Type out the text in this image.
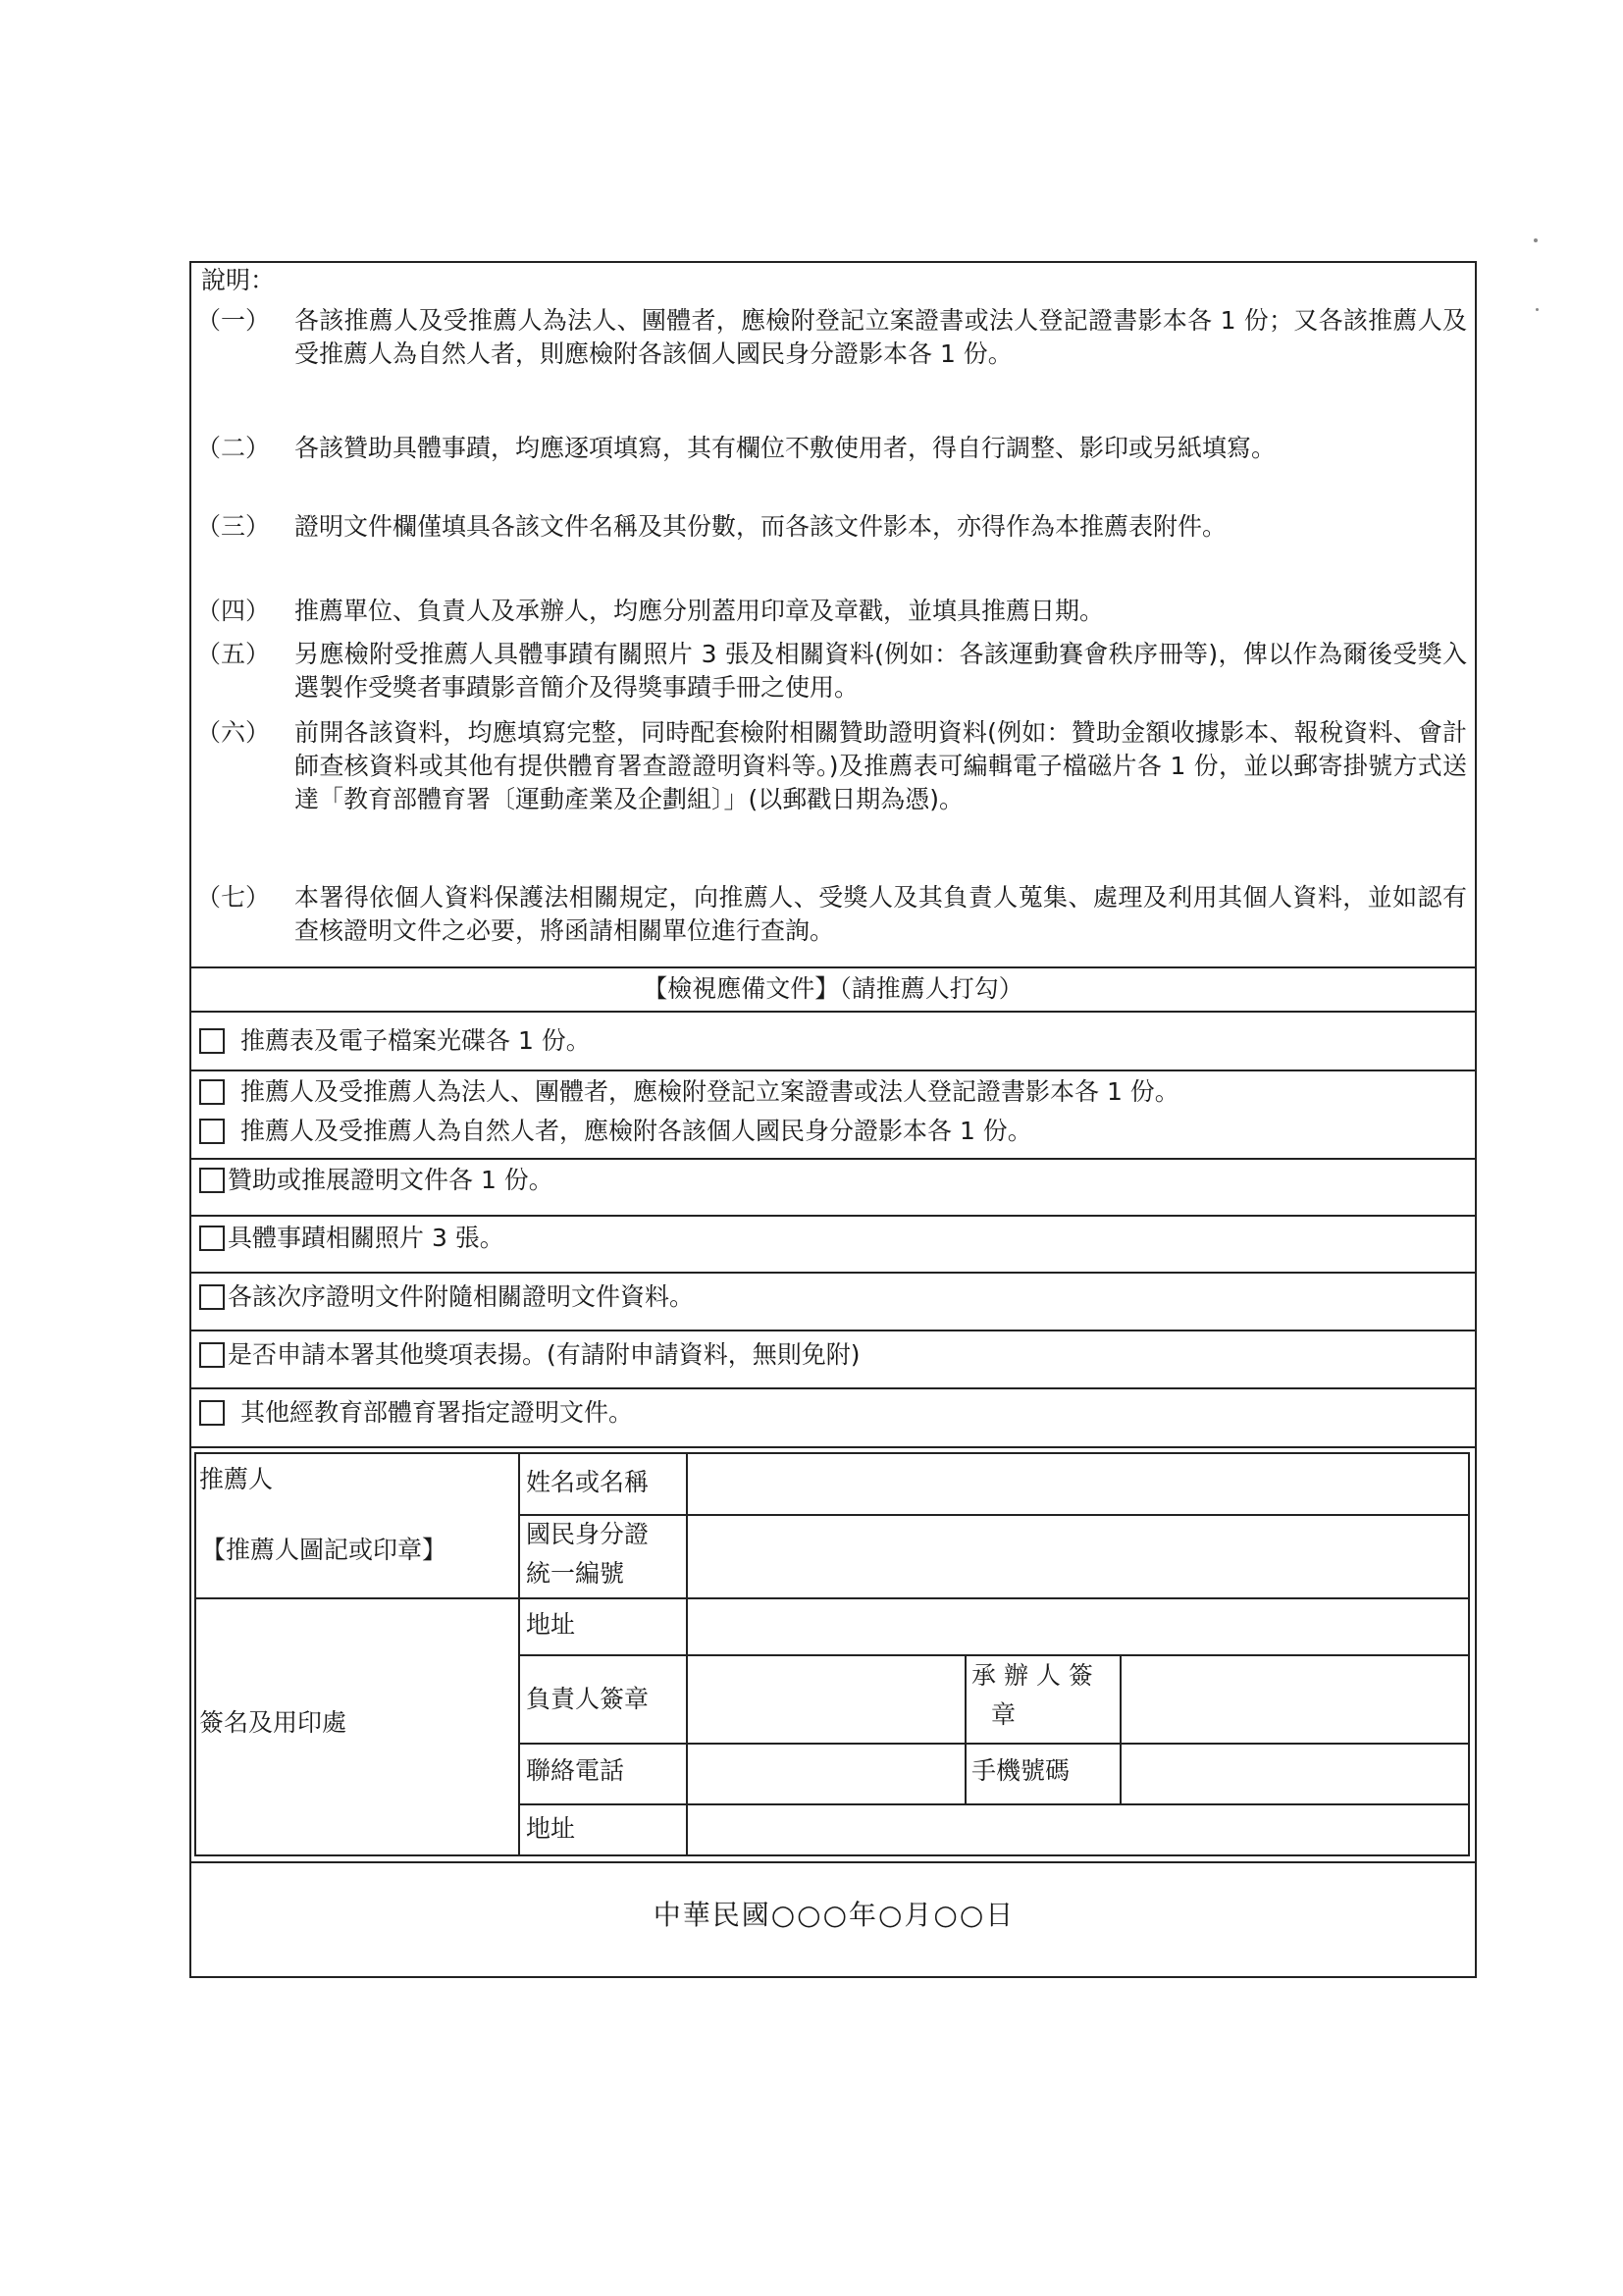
說明：
（一） 各該推薦人及受推薦人為法人、團體者，應檢附登記立案證書或法人登記證書影本各 1 份；又各該推薦人及受推薦人為自然人者，則應檢附各該個人國民身分證影本各 1 份。
（二） 各該贊助具體事蹟，均應逐項填寫，其有欄位不敷使用者，得自行調整、影印或另紙填寫。
（三） 證明文件欄僅填具各該文件名稱及其份數，而各該文件影本，亦得作為本推薦表附件。
（四） 推薦單位、負責人及承辦人，均應分別蓋用印章及章戳，並填具推薦日期。
（五） 另應檢附受推薦人具體事蹟有關照片 3 張及相關資料(例如：各該運動賽會秩序冊等)，俾以作為爾後受獎入選製作受獎者事蹟影音簡介及得獎事蹟手冊之使用。
（六） 前開各該資料，均應填寫完整，同時配套檢附相關贊助證明資料(例如：贊助金額收據影本、報稅資料、會計師查核資料或其他有提供體育署查證證明資料等。)及推薦表可編輯電子檔磁片各 1 份，並以郵寄掛號方式送達「教育部體育署〔運動產業及企劃組〕」(以郵戳日期為憑)。
（七） 本署得依個人資料保護法相關規定，向推薦人、受獎人及其負責人蒐集、處理及利用其個人資料，並如認有查核證明文件之必要，將函請相關單位進行查詢。
【檢視應備文件】（請推薦人打勾）
推薦表及電子檔案光碟各 1 份。
推薦人及受推薦人為法人、團體者，應檢附登記立案證書或法人登記證書影本各 1 份。
推薦人及受推薦人為自然人者，應檢附各該個人國民身分證影本各 1 份。
贊助或推展證明文件各 1 份。
具體事蹟相關照片 3 張。
各該次序證明文件附隨相關證明文件資料。
是否申請本署其他獎項表揚。(有請附申請資料，無則免附)
其他經教育部體育署指定證明文件。
推薦人
【推薦人圖記或印章】
簽名及用印處
姓名或名稱
國民身分證
統一編號
地址
負責人簽章
聯絡電話
地址
承 辦 人 簽
章
手機號碼
中華民國○○○年○月○○日
